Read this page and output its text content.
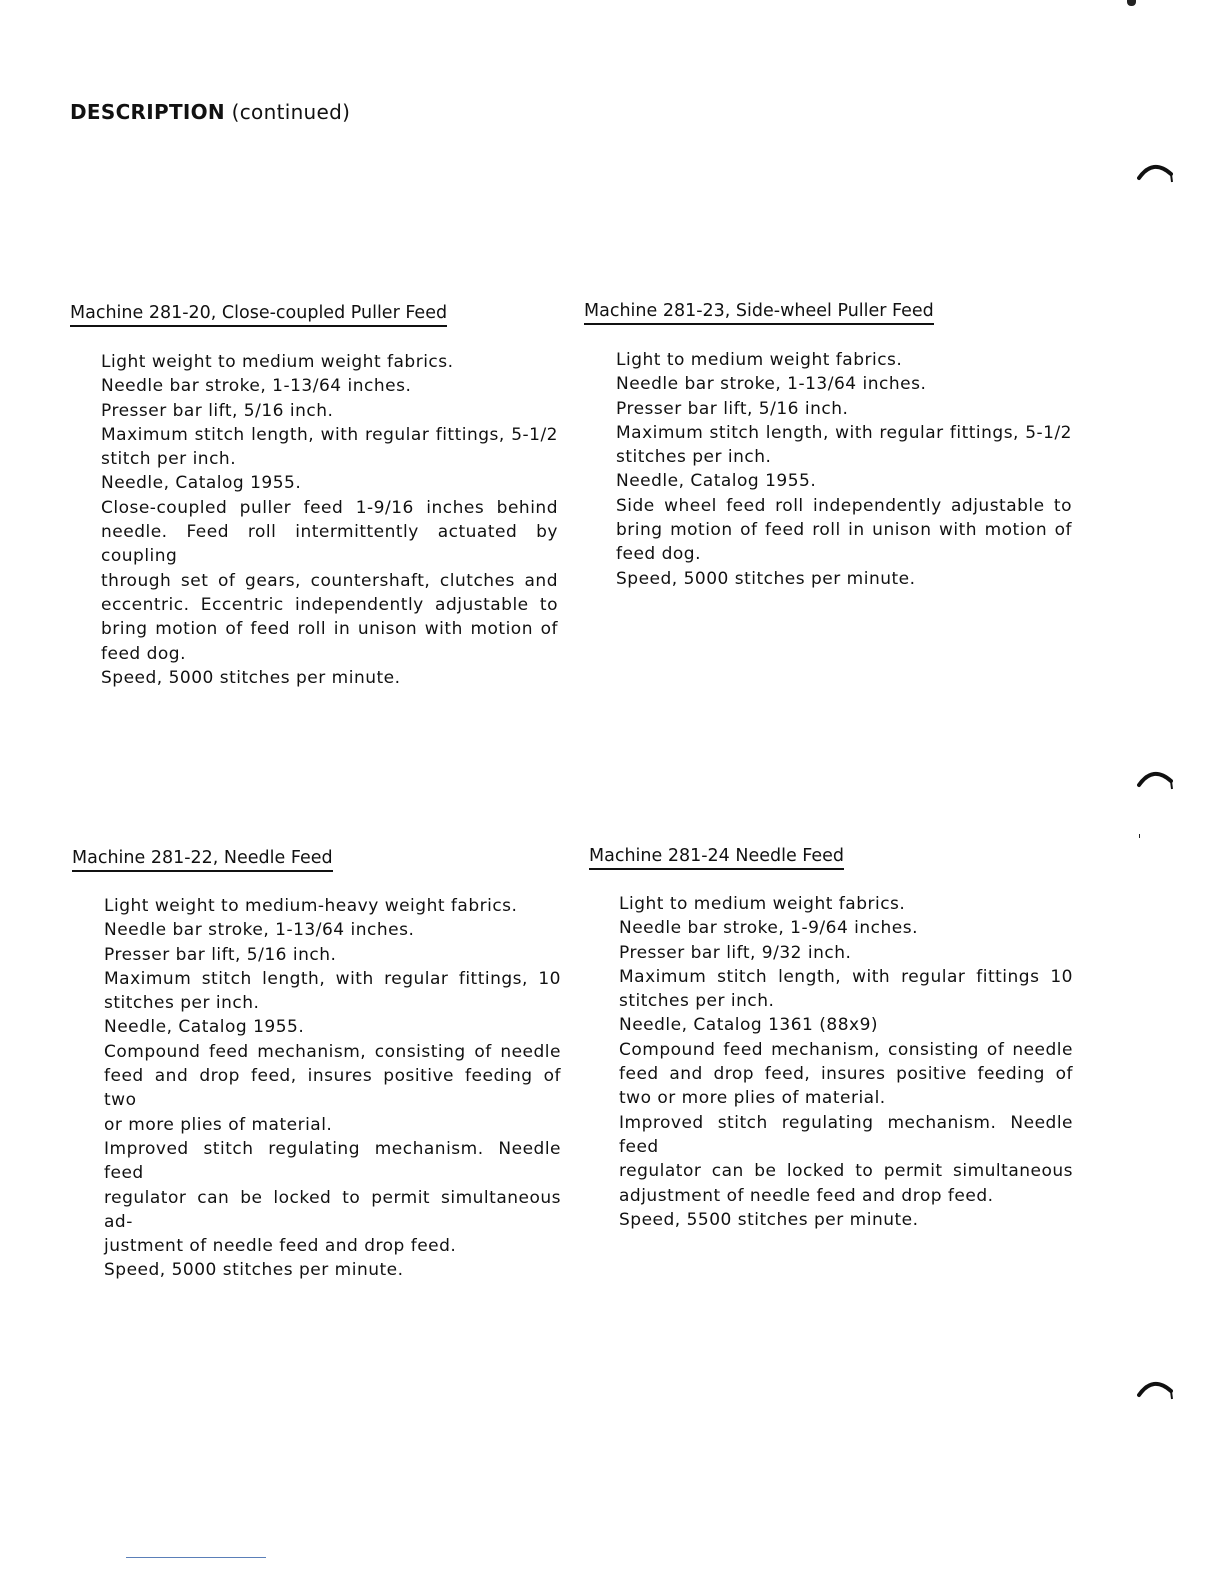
DESCRIPTION (continued)
Machine 281-20, Close-coupled Puller Feed
Light weight to medium weight fabrics.
Needle bar stroke, 1-13/64 inches.
Presser bar lift, 5/16 inch.
Maximum stitch length, with regular fittings, 5-1/2
stitch per inch.
Needle, Catalog 1955.
Close-coupled puller feed 1-9/16 inches behind
needle. Feed roll intermittently actuated by coupling
through set of gears, countershaft, clutches and
eccentric. Eccentric independently adjustable to
bring motion of feed roll in unison with motion of
feed dog.
Speed, 5000 stitches per minute.
Machine 281-23, Side-wheel Puller Feed
Light to medium weight fabrics.
Needle bar stroke, 1-13/64 inches.
Presser bar lift, 5/16 inch.
Maximum stitch length, with regular fittings, 5-1/2
stitches per inch.
Needle, Catalog 1955.
Side wheel feed roll independently adjustable to
bring motion of feed roll in unison with motion of
feed dog.
Speed, 5000 stitches per minute.
Machine 281-22, Needle Feed
Light weight to medium-heavy weight fabrics.
Needle bar stroke, 1-13/64 inches.
Presser bar lift, 5/16 inch.
Maximum stitch length, with regular fittings, 10
stitches per inch.
Needle, Catalog 1955.
Compound feed mechanism, consisting of needle
feed and drop feed, insures positive feeding of two
or more plies of material.
Improved stitch regulating mechanism. Needle feed
regulator can be locked to permit simultaneous ad-
justment of needle feed and drop feed.
Speed, 5000 stitches per minute.
Machine 281-24 Needle Feed
Light to medium weight fabrics.
Needle bar stroke, 1-9/64 inches.
Presser bar lift, 9/32 inch.
Maximum stitch length, with regular fittings 10
stitches per inch.
Needle, Catalog 1361 (88x9)
Compound feed mechanism, consisting of needle
feed and drop feed, insures positive feeding of
two or more plies of material.
Improved stitch regulating mechanism. Needle feed
regulator can be locked to permit simultaneous
adjustment of needle feed and drop feed.
Speed, 5500 stitches per minute.
